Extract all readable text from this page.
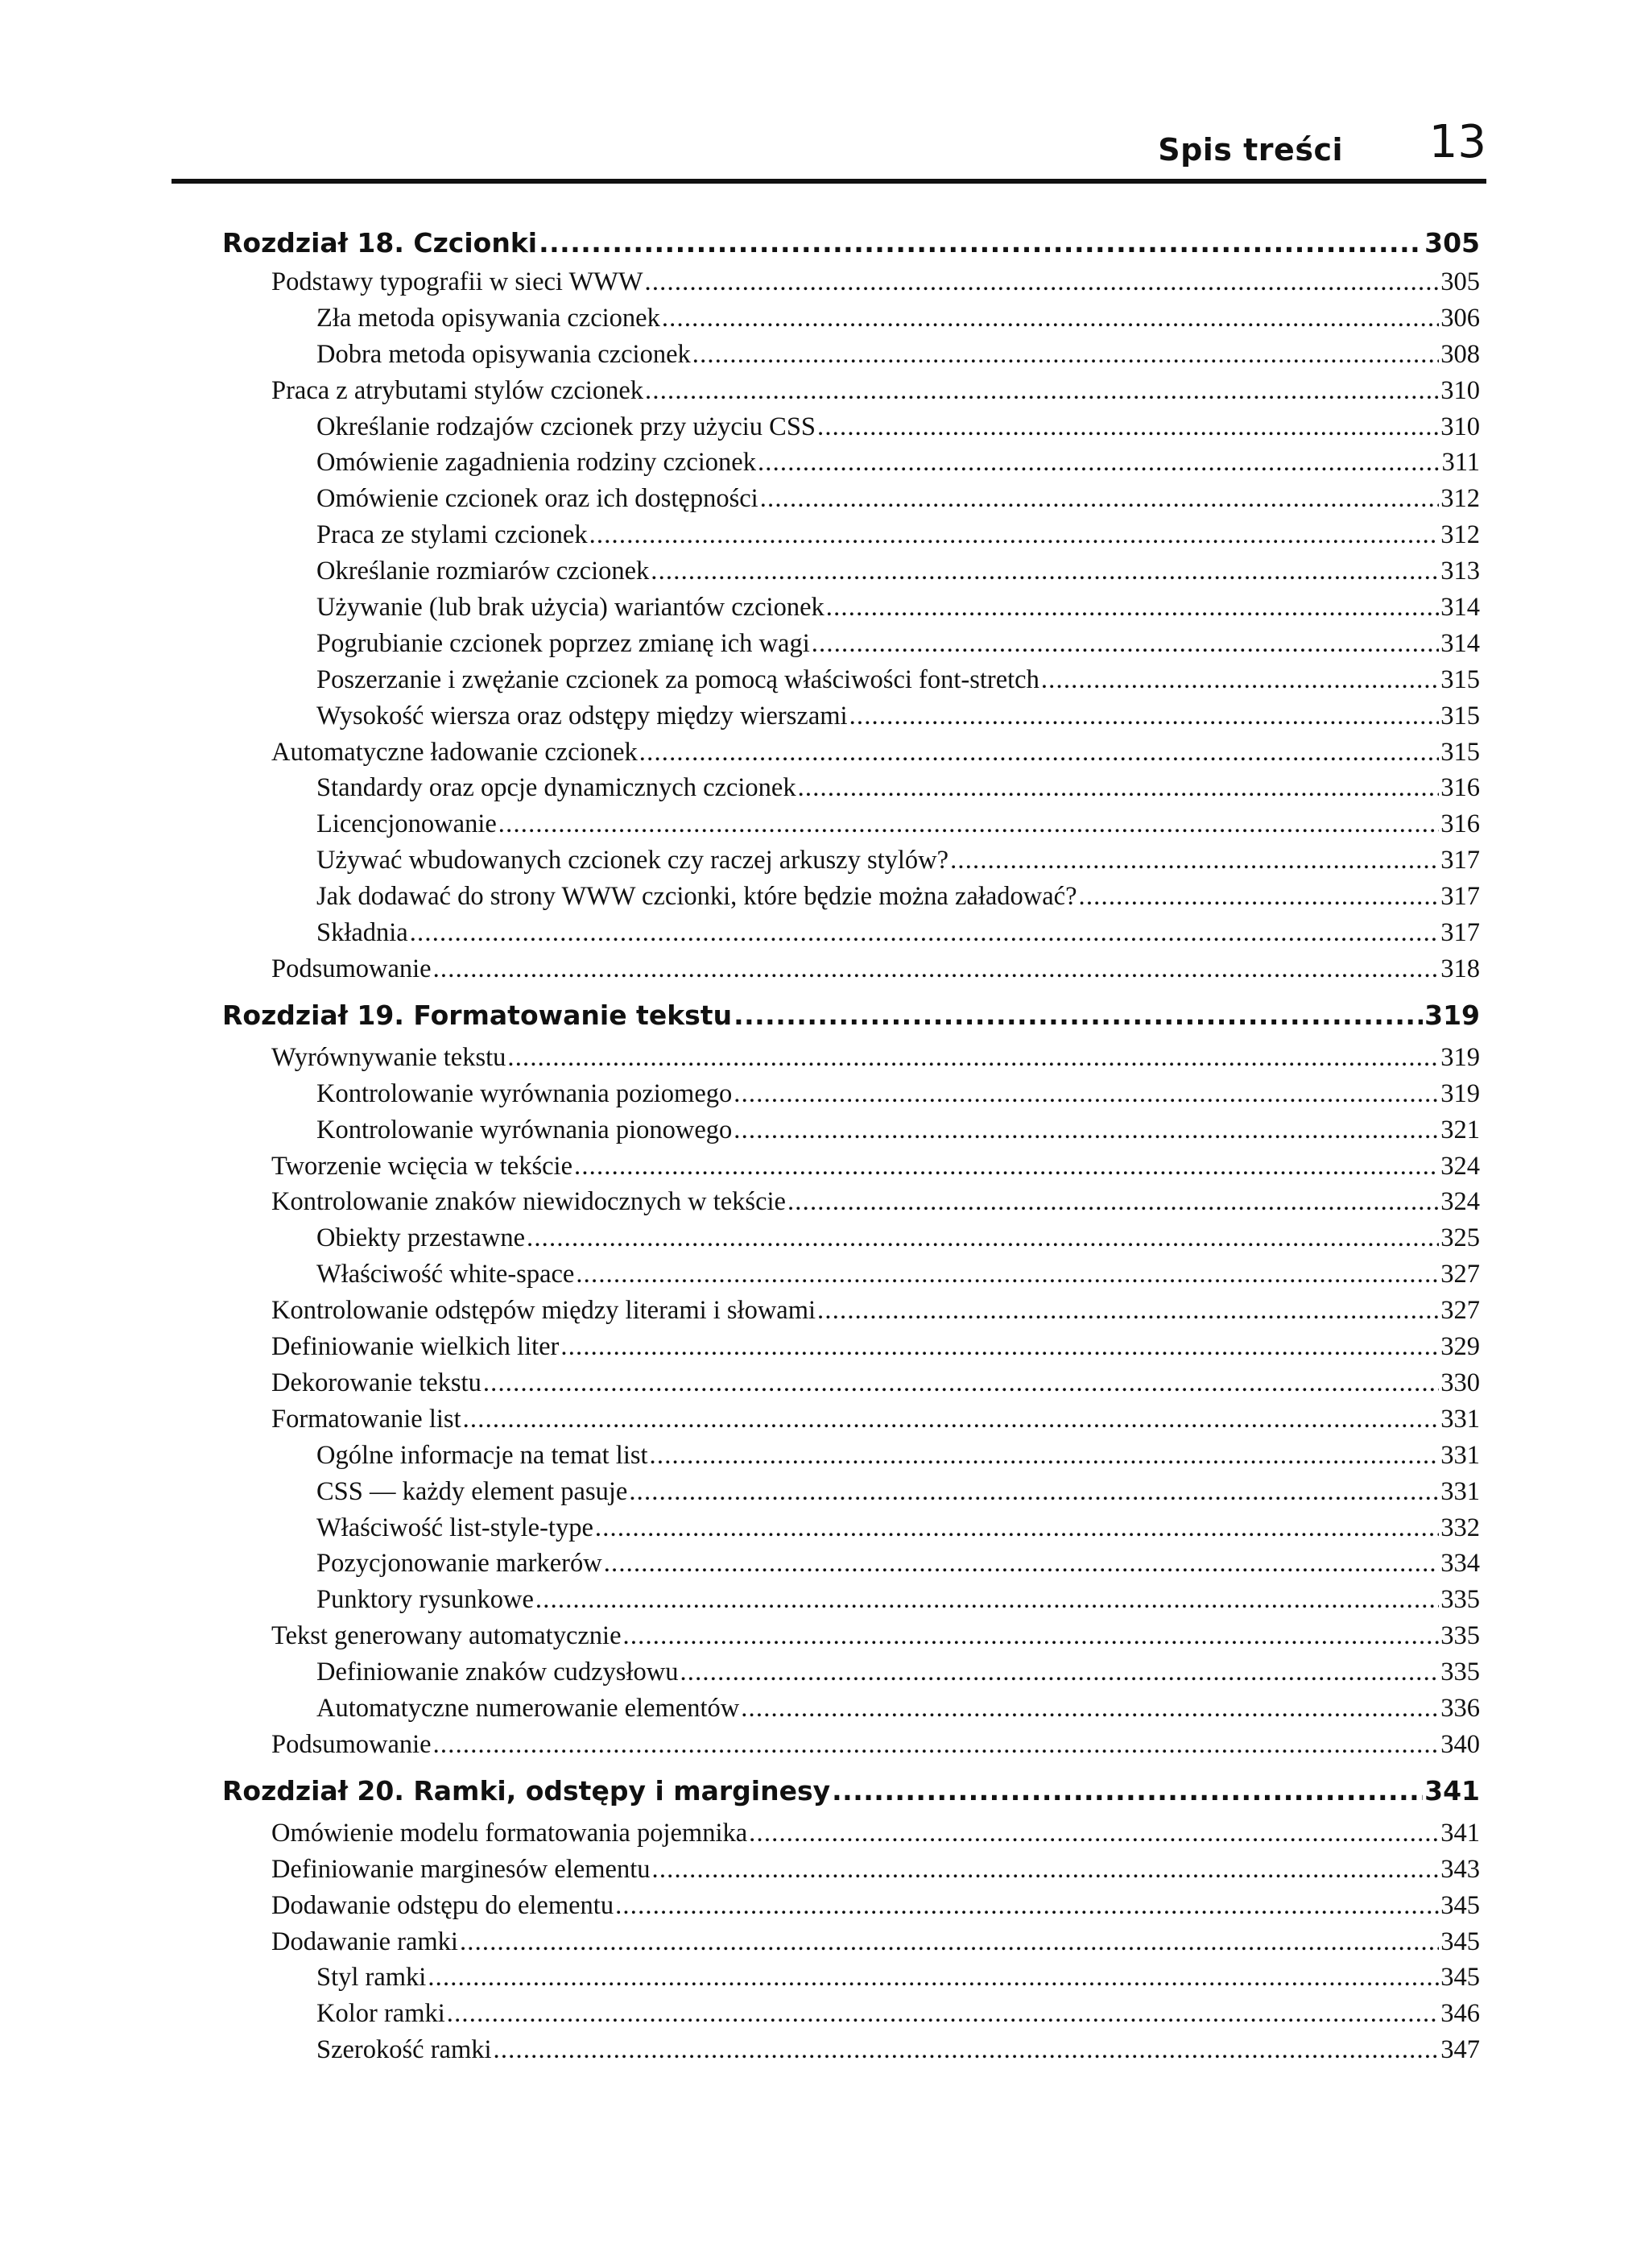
Spis treści 13
Rozdział 18. Czcionki .....	305
Podstawy typografii w sieci WWW .....	305
Zła metoda opisywania czcionek .....	306
Dobra metoda opisywania czcionek .....	308
Praca z atrybutami stylów czcionek .....	310
Określanie rodzajów czcionek przy użyciu CSS .....	310
Omówienie zagadnienia rodziny czcionek .....	311
Omówienie czcionek oraz ich dostępności .....	312
Praca ze stylami czcionek .....	312
Określanie rozmiarów czcionek .....	313
Używanie (lub brak użycia) wariantów czcionek .....	314
Pogrubianie czcionek poprzez zmianę ich wagi .....	314
Poszerzanie i zwężanie czcionek za pomocą właściwości font-stretch .....	315
Wysokość wiersza oraz odstępy między wierszami .....	315
Automatyczne ładowanie czcionek .....	315
Standardy oraz opcje dynamicznych czcionek .....	316
Licencjonowanie .....	316
Używać wbudowanych czcionek czy raczej arkuszy stylów? .....	317
Jak dodawać do strony WWW czcionki, które będzie można załadować? .....	317
Składnia .....	317
Podsumowanie .....	318
Rozdział 19. Formatowanie tekstu .....	319
Wyrównywanie tekstu .....	319
Kontrolowanie wyrównania poziomego .....	319
Kontrolowanie wyrównania pionowego .....	321
Tworzenie wcięcia w tekście .....	324
Kontrolowanie znaków niewidocznych w tekście .....	324
Obiekty przestawne .....	325
Właściwość white-space .....	327
Kontrolowanie odstępów między literami i słowami .....	327
Definiowanie wielkich liter .....	329
Dekorowanie tekstu .....	330
Formatowanie list .....	331
Ogólne informacje na temat list .....	331
CSS — każdy element pasuje .....	331
Właściwość list-style-type .....	332
Pozycjonowanie markerów .....	334
Punktory rysunkowe .....	335
Tekst generowany automatycznie .....	335
Definiowanie znaków cudzysłowu .....	335
Automatyczne numerowanie elementów .....	336
Podsumowanie .....	340
Rozdział 20. Ramki, odstępy i marginesy .....	341
Omówienie modelu formatowania pojemnika .....	341
Definiowanie marginesów elementu .....	343
Dodawanie odstępu do elementu .....	345
Dodawanie ramki .....	345
Styl ramki .....	345
Kolor ramki .....	346
Szerokość ramki .....	347
